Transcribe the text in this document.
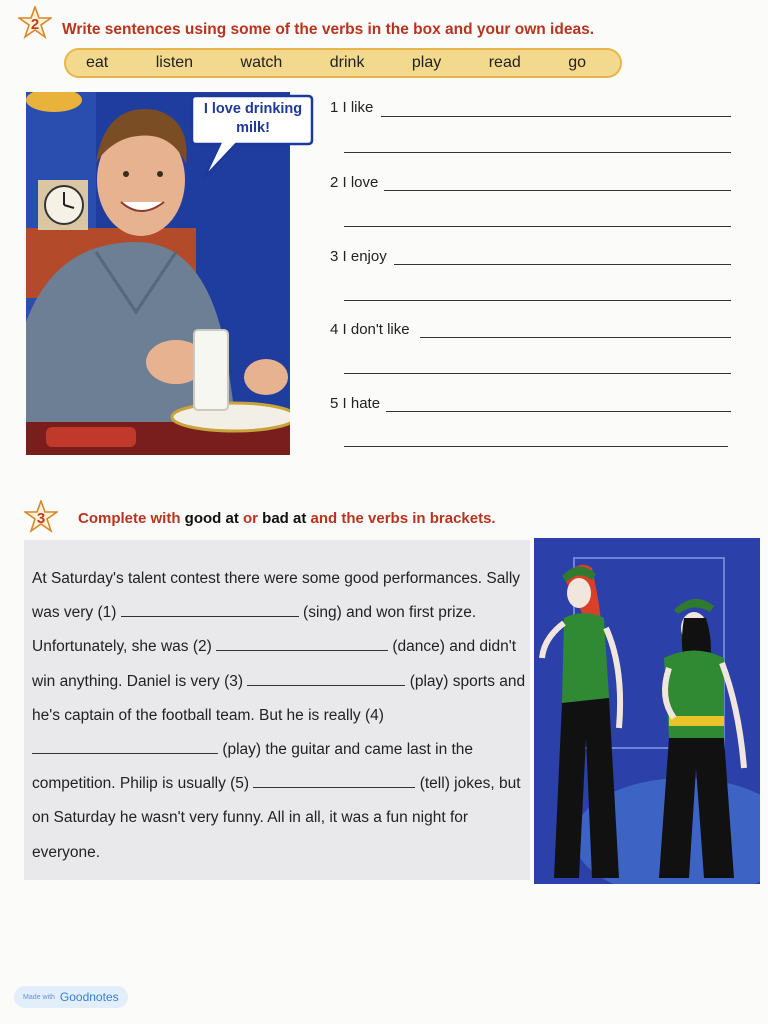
2 Write sentences using some of the verbs in the box and your own ideas.
eat	listen	watch	drink	play	read	go
I love drinking milk!
1 I like
2 I love
3 I enjoy
4 I don't like
5 I hate
3 Complete with good at or bad at and the verbs in brackets.
At Saturday's talent contest there were some good performances. Sally was very (1)	(sing) and won first prize. Unfortunately, she was (2)	(dance) and didn't win anything. Daniel is very (3)	(play) sports and he's captain of the football team. But he is really (4)  (play) the guitar and came last in the competition. Philip is usually (5)	(tell) jokes, but on Saturday he wasn't very funny. All in all, it was a fun night for everyone.
Made with Goodnotes
